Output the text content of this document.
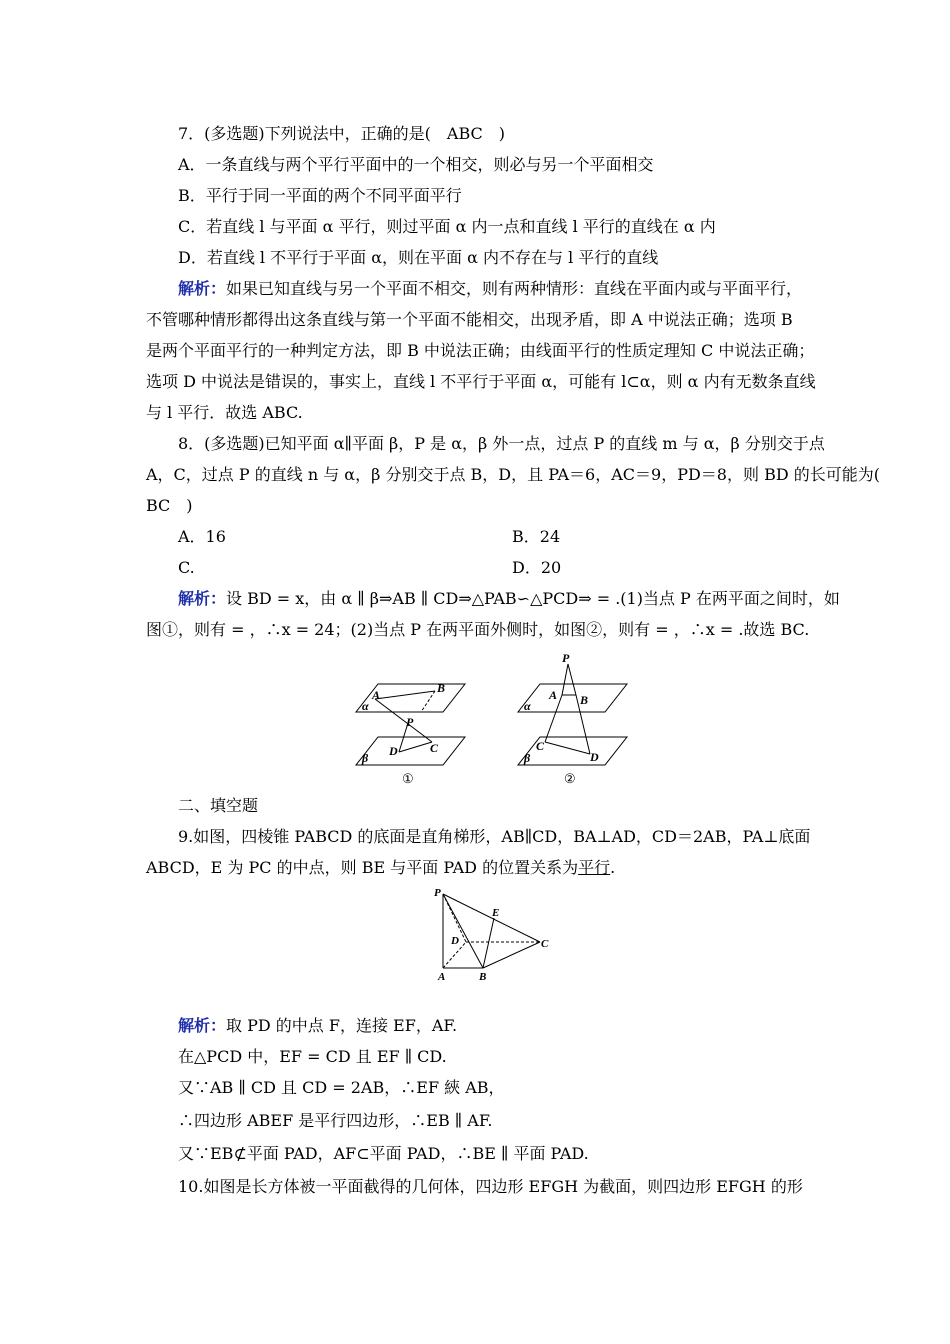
7．(多选题)下列说法中，正确的是(　ABC　)
A．一条直线与两个平行平面中的一个相交，则必与另一个平面相交
B．平行于同一平面的两个不同平面平行
C．若直线 l 与平面 α 平行，则过平面 α 内一点和直线 l 平行的直线在 α 内
D．若直线 l 不平行于平面 α，则在平面 α 内不存在与 l 平行的直线
解析：如果已知直线与另一个平面不相交，则有两种情形：直线在平面内或与平面平行，
不管哪种情形都得出这条直线与第一个平面不能相交，出现矛盾，即 A 中说法正确；选项 B
是两个平面平行的一种判定方法，即 B 中说法正确；由线面平行的性质定理知 C 中说法正确；
选项 D 中说法是错误的，事实上，直线 l 不平行于平面 α，可能有 l⊂α，则 α 内有无数条直线
与 l 平行．故选 ABC.
8．(多选题)已知平面 α∥平面 β，P 是 α，β 外一点，过点 P 的直线 m 与 α，β 分别交于点
A，C，过点 P 的直线 n 与 α，β 分别交于点 B，D，且 PA＝6，AC＝9，PD＝8，则 BD 的长可能为(
BC　)
A．16	B．24
C.	D．20
解析：设 BD = x，由 α ∥ β⇒AB ∥ CD⇒△PAB∽△PCD⇒ = .(1)当点 P 在两平面之间时，如
图①，则有 = ，∴x = 24；(2)当点 P 在两平面外侧时，如图②，则有 = ，∴x = .故选 BC.
A	B
α
P
D	C
β
①
P
A B
α
C
D
β
②
二、填空题
9.如图，四棱锥 PABCD 的底面是直角梯形，AB∥CD，BA⊥AD，CD＝2AB，PA⊥底面
ABCD，E 为 PC 的中点，则 BE 与平面 PAD 的位置关系为平行.
P
E
D	C
A	B
解析：取 PD 的中点 F，连接 EF，AF.
在△PCD 中，EF = CD 且 EF ∥ CD.
又∵AB ∥ CD 且 CD = 2AB，∴EF 綊 AB，
∴四边形 ABEF 是平行四边形，∴EB ∥ AF.
又∵EB⊄平面 PAD，AF⊂平面 PAD，∴BE ∥ 平面 PAD.
10.如图是长方体被一平面截得的几何体，四边形 EFGH 为截面，则四边形 EFGH 的形
